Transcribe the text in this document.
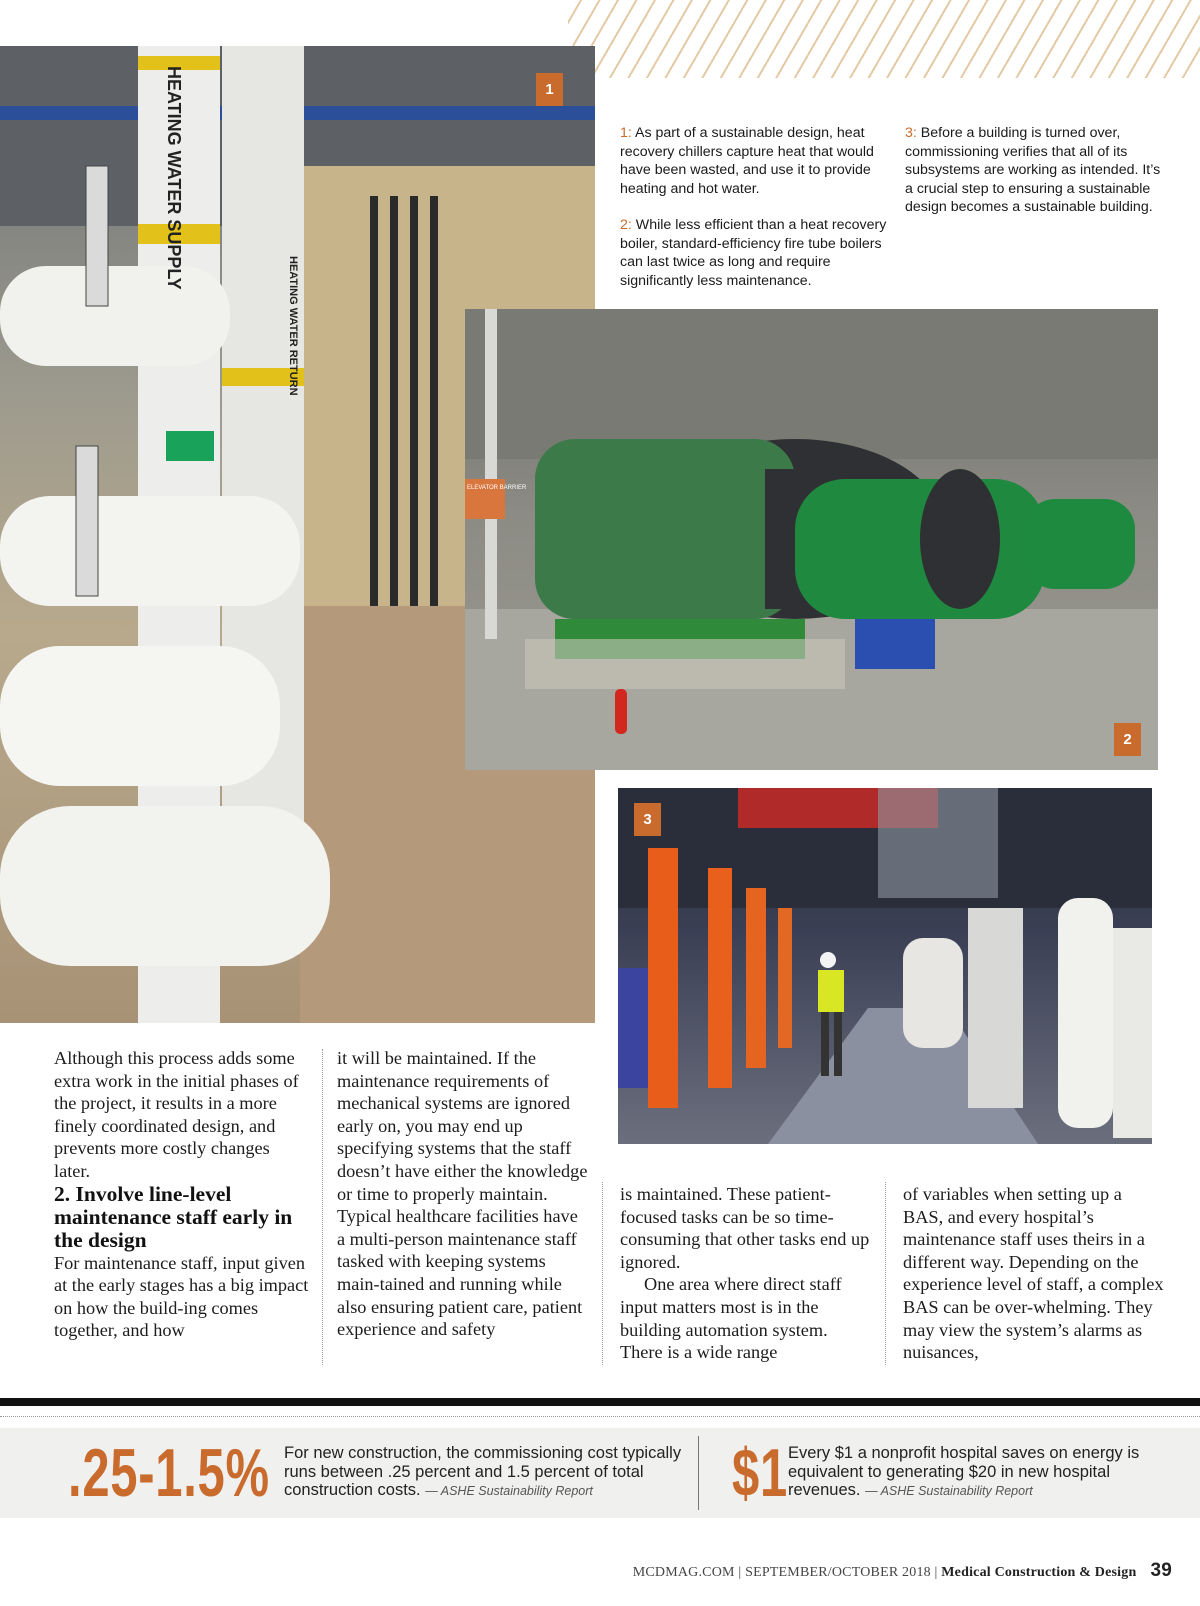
HEATING WATER SUPPLY
HEATING WATER RETURN
1

1: As part of a sustainable design, heat recovery chillers capture heat that would have been wasted, and use it to provide heating and hot water.

2: While less efficient than a heat recovery boiler, standard-efficiency fire tube boilers can last twice as long and require significantly less maintenance.

3: Before a building is turned over, commissioning verifies that all of its subsystems are working as intended. It’s a crucial step to ensuring a sustainable design becomes a sustainable building.

ELEVATOR BARRIER
2
3

Although this process adds some extra work in the initial phases of the project, it results in a more finely coordinated design, and prevents more costly changes later.

2. Involve line-level maintenance staff early in the design

For maintenance staff, input given at the early stages has a big impact on how the build-ing comes together, and how

it will be maintained. If the maintenance requirements of mechanical systems are ignored early on, you may end up specifying systems that the staff doesn’t have either the knowledge or time to properly maintain. Typical healthcare facilities have a multi-person maintenance staff tasked with keeping systems main-tained and running while also ensuring patient care, patient experience and safety

is maintained. These patient-focused tasks can be so time-consuming that other tasks end up ignored.

One area where direct staff input matters most is in the building automation system. There is a wide range

of variables when setting up a BAS, and every hospital’s maintenance staff uses theirs in a different way. Depending on the experience level of staff, a complex BAS can be over-whelming. They may view the system’s alarms as nuisances,

.25-1.5% For new construction, the commissioning cost typically runs between .25 percent and 1.5 percent of total construction costs. — ASHE Sustainability Report	$1 Every $1 a nonprofit hospital saves on energy is equivalent to generating $20 in new hospital revenues. — ASHE Sustainability Report
MCDMAG.COM | SEPTEMBER/OCTOBER 2018 | Medical Construction & Design 39
